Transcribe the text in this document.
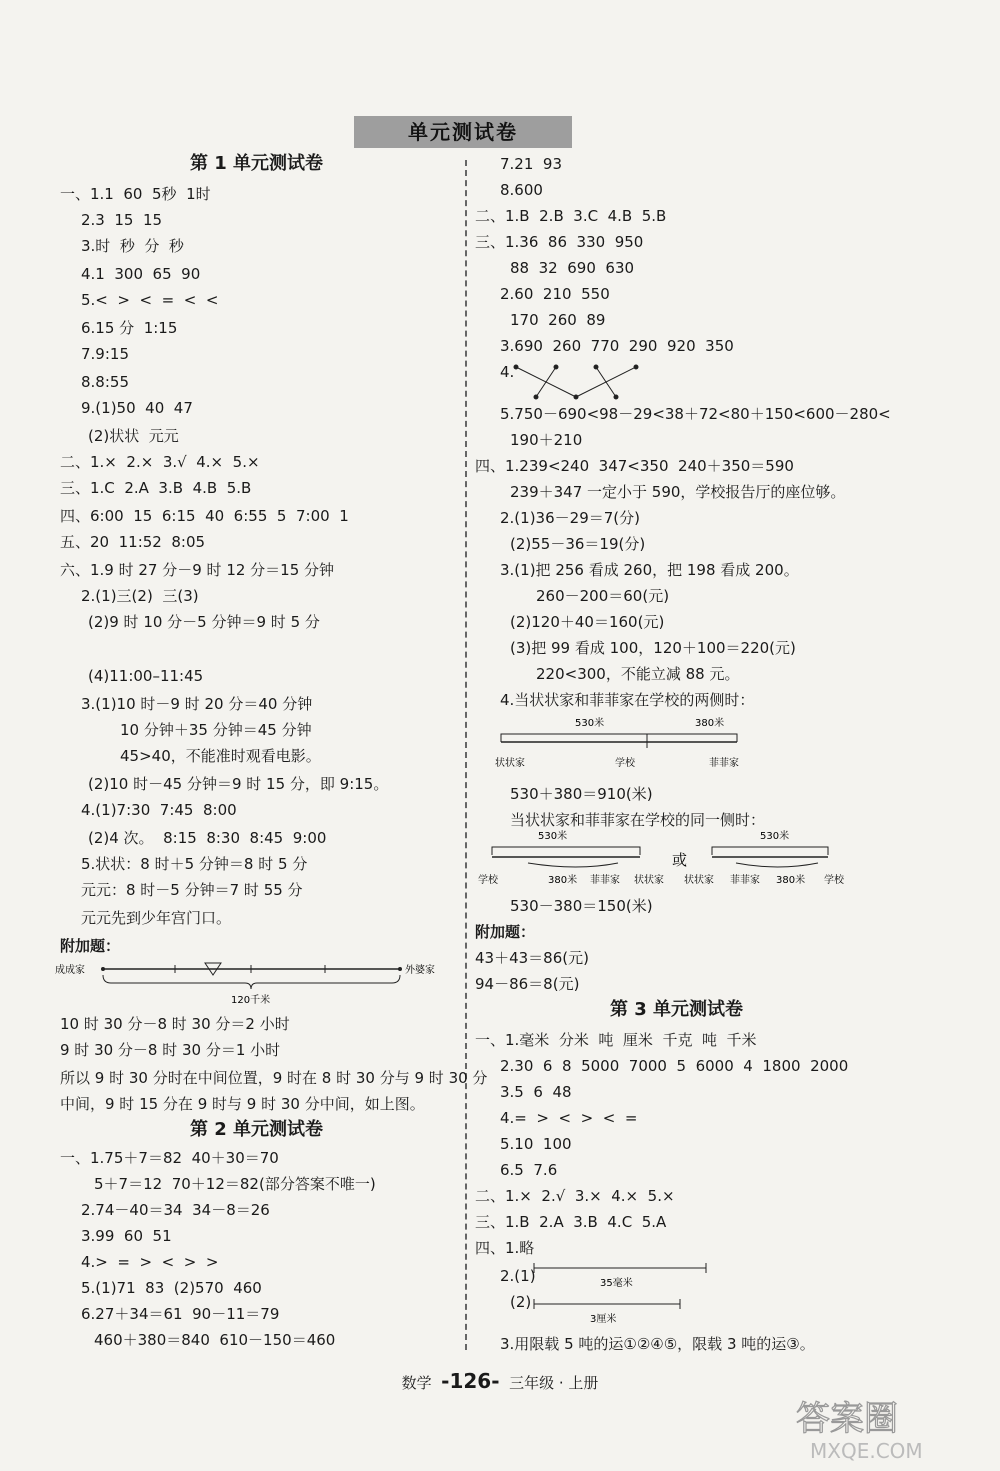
单元测试卷
第 1 单元测试卷
一、1.1  60  5秒  1时
2.3  15  15
3.时  秒  分  秒
4.1  300  65  90
5.<  >  <  =  <  <
6.15 分  1:15
7.9:15
8.8:55
9.(1)50  40  47
(2)状状  元元
二、1.×  2.×  3.√  4.×  5.×
三、1.C  2.A  3.B  4.B  5.B
四、6:00  15  6:15  40  6:55  5  7:00  1
五、20  11:52  8:05
六、1.9 时 27 分－9 时 12 分＝15 分钟
2.(1)三(2)  三(3)
(2)9 时 10 分－5 分钟＝9 时 5 分
(4)11:00–11:45
3.(1)10 时－9 时 20 分＝40 分钟
10 分钟＋35 分钟＝45 分钟
45>40，不能准时观看电影。
(2)10 时－45 分钟＝9 时 15 分，即 9:15。
4.(1)7:30  7:45  8:00
(2)4 次。  8:15  8:30  8:45  9:00
5.状状：8 时＋5 分钟＝8 时 5 分
元元：8 时－5 分钟＝7 时 55 分
元元先到少年宫门口。
附加题：
10 时 30 分－8 时 30 分＝2 小时
9 时 30 分－8 时 30 分＝1 小时
所以 9 时 30 分时在中间位置，9 时在 8 时 30 分与 9 时 30 分
中间，9 时 15 分在 9 时与 9 时 30 分中间，如上图。
第 2 单元测试卷
一、1.75＋7＝82  40＋30＝70
5＋7＝12  70＋12＝82(部分答案不唯一)
2.74－40＝34  34－8＝26
3.99  60  51
4.>  =  >  <  >  >
5.(1)71  83  (2)570  460
6.27＋34＝61  90－11＝79
460＋380＝840  610－150＝460
7.21  93
8.600
二、1.B  2.B  3.C  4.B  5.B
三、1.36  86  330  950
88  32  690  630
2.60  210  550
170  260  89
3.690  260  770  290  920  350
4.
5.750－690<98－29<38＋72<80＋150<600－280<
190＋210
四、1.239<240  347<350  240＋350＝590
239＋347 一定小于 590，学校报告厅的座位够。
2.(1)36－29＝7(分)
(2)55－36＝19(分)
3.(1)把 256 看成 260，把 198 看成 200。
260－200＝60(元)
(2)120＋40＝160(元)
(3)把 99 看成 100，120＋100＝220(元)
220<300，不能立减 88 元。
4.当状状家和菲菲家在学校的两侧时：
530＋380＝910(米)
当状状家和菲菲家在学校的同一侧时：
530－380＝150(米)
附加题：
43＋43＝86(元)
94－86＝8(元)
第 3 单元测试卷
一、1.毫米  分米  吨  厘米  千克  吨  千米
2.30  6  8  5000  7000  5  6000  4  1800  2000
3.5  6  48
4.=  >  <  >  <  =
5.10  100
6.5  7.6
二、1.×  2.√  3.×  4.×  5.×
三、1.B  2.A  3.B  4.C  5.A
四、1.略
2.(1)
(2)
3.用限载 5 吨的运①②④⑤，限载 3 吨的运③。
成成家	外婆家
120千米
530米	380米
状状家	学校	菲菲家
530米
学校	380米 菲菲家 状状家
或
530米
状状家 菲菲家 380米 学校
35毫米
3厘米
数学 -126- 三年级 · 上册
答案圈
MXQE.COM
